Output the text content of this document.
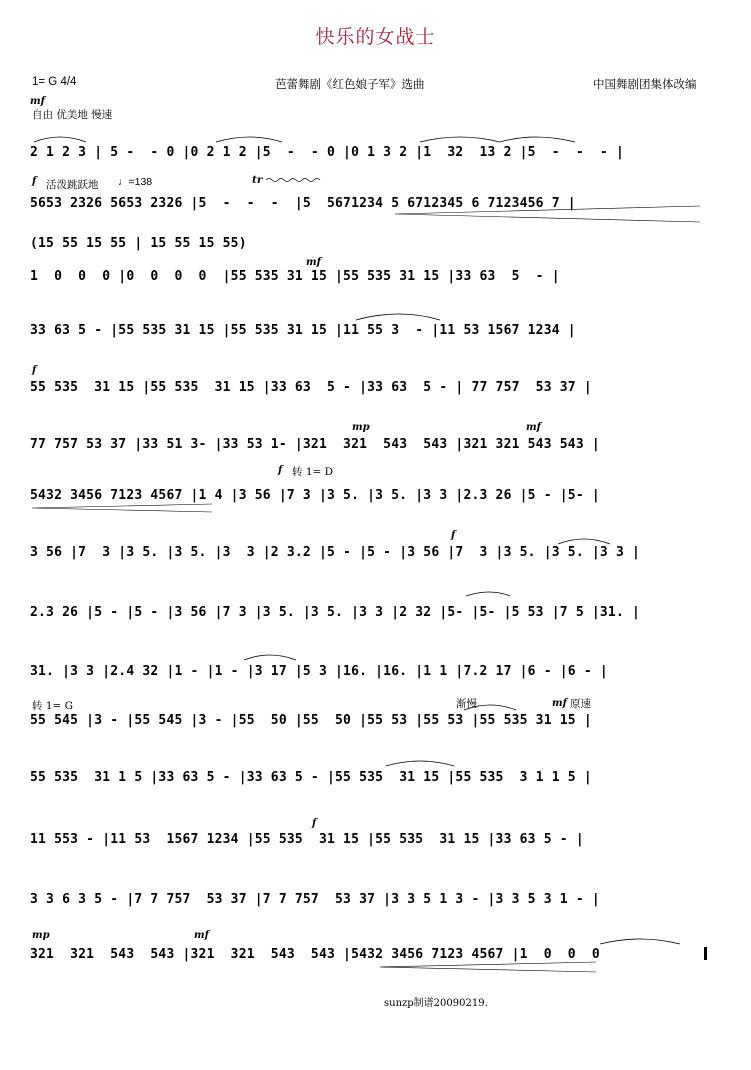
快乐的女战士
1= G 4/4	芭蕾舞剧《红色娘子军》选曲	中国舞剧团集体改编
mf
自由 优美地 慢速
f 活泼跳跃地 ♩=138	tr
mf
f
mp	mf
f 转 1= D
f
转 1= G	渐慢	mf 原速
f
mp	mf
2 1 2 3 | 5 -  - 0 |0 2 1 2 |5  -  - 0 |0 1 3 2 |1  32  13 2 |5  -  -  - |
5653 2326 5653 2326 |5  -  -  -  |5  5671234 5 6712345 6 7123456 7 |
(15 55 15 55 | 15 55 15 55)
1  0  0  0 |0  0  0  0  |55 535 31 15 |55 535 31 15 |33 63  5  - |
33 63 5 - |55 535 31 15 |55 535 31 15 |11 55 3  - |11 53 1567 1234 |
55 535  31 15 |55 535  31 15 |33 63  5 - |33 63  5 - | 77 757  53 37 |
77 757 53 37 |33 51 3- |33 53 1- |321  321  543  543 |321 321 543 543 |
5432 3456 7123 4567 |1 4 |3 56 |7 3 |3 5. |3 5. |3 3 |2.3 26 |5 - |5- |
3 56 |7  3 |3 5. |3 5. |3  3 |2 3.2 |5 - |5 - |3 56 |7  3 |3 5. |3 5. |3 3 |
2.3 26 |5 - |5 - |3 56 |7 3 |3 5. |3 5. |3 3 |2 32 |5- |5- |5 53 |7 5 |31. |
31. |3 3 |2.4 32 |1 - |1 - |3 17 |5 3 |16. |16. |1 1 |7.2 17 |6 - |6 - |
55 545 |3 - |55 545 |3 - |55  50 |55  50 |55 53 |55 53 |55 535 31 15 |
55 535  31 1 5 |33 63 5 - |33 63 5 - |55 535  31 15 |55 535  3 1 1 5 |
11 553 - |11 53  1567 1234 |55 535  31 15 |55 535  31 15 |33 63 5 - |
3 3 6 3 5 - |7 7 757  53 37 |7 7 757  53 37 |3 3 5 1 3 - |3 3 5 3 1 - |
321  321  543  543 |321  321  543  543 |5432 3456 7123 4567 |1  0  0  0
sunzp制谱20090219.
